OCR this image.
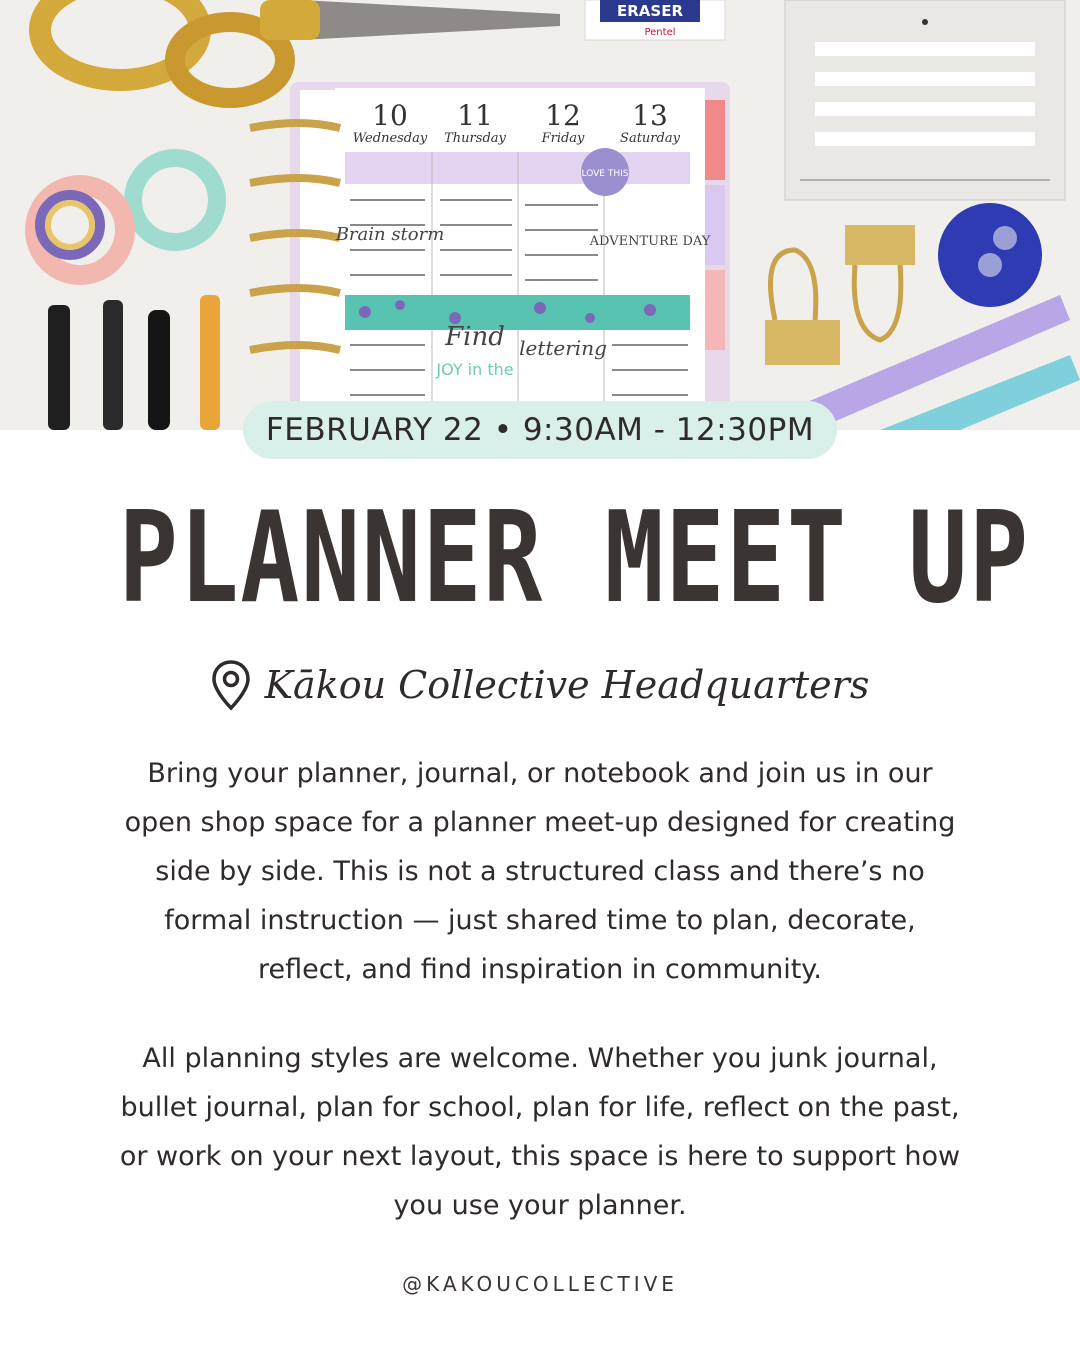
ERASER
Pentel
10
Wednesday
11
Thursday
12
Friday
13
Saturday
LOVE THIS
Brain storm
Find
JOY in the
lettering
ADVENTURE DAY
FEBRUARY 22 • 9:30AM - 12:30PM
PLANNER MEET UP
Kākou Collective Headquarters

Bring your planner, journal, or notebook and join us in our open shop space for a planner meet-up designed for creating side by side. This is not a structured class and there’s no formal instruction — just shared time to plan, decorate, reflect, and find inspiration in community.

All planning styles are welcome. Whether you junk journal, bullet journal, plan for school, plan for life, reflect on the past, or work on your next layout, this space is here to support how you use your planner.

@KAKOUCOLLECTIVE
